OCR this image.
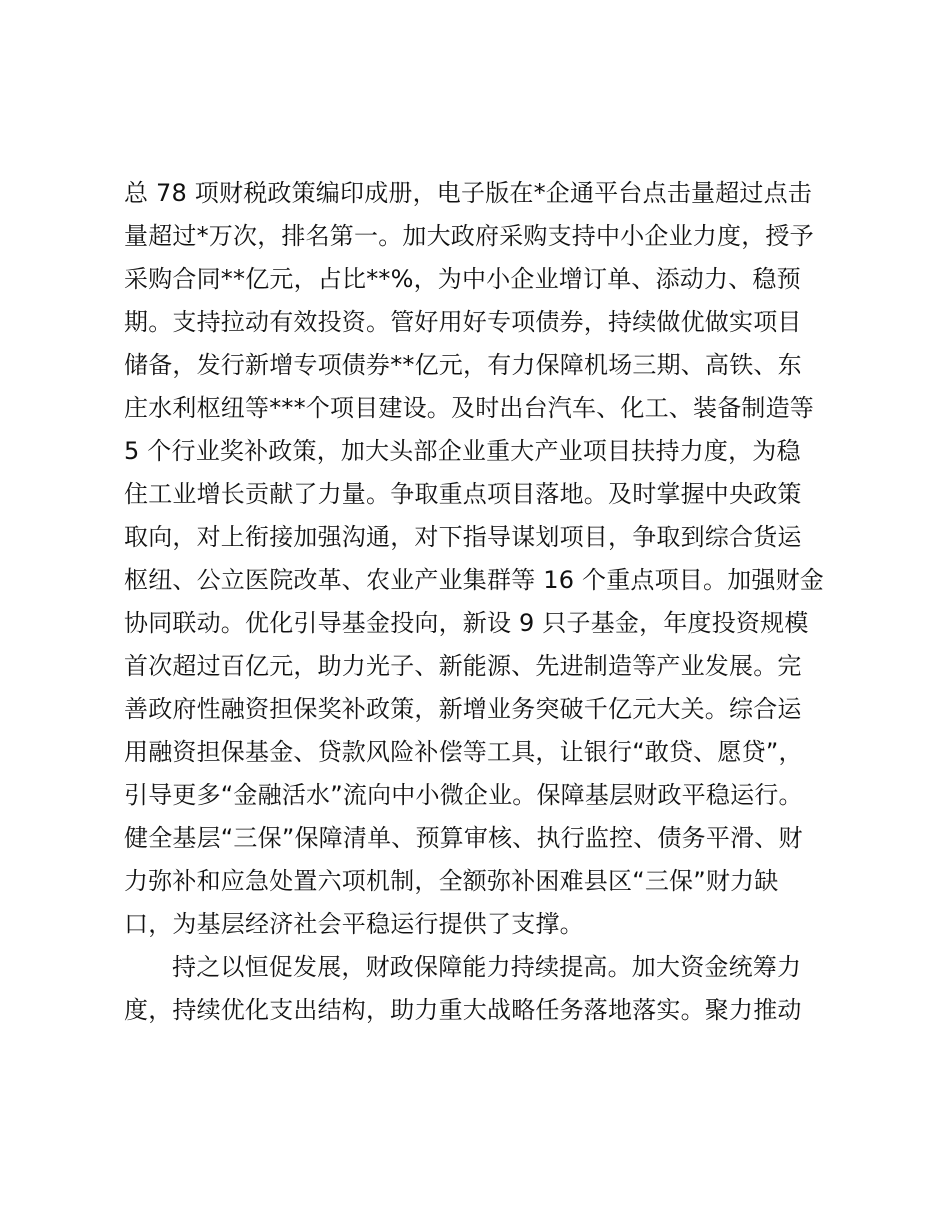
总 78 项财税政策编印成册，电子版在*企通平台点击量超过点击
量超过*万次，排名第一。加大政府采购支持中小企业力度，授予
采购合同**亿元，占比**%，为中小企业增订单、添动力、稳预
期。支持拉动有效投资。管好用好专项债券，持续做优做实项目
储备，发行新增专项债券**亿元，有力保障机场三期、高铁、东
庄水利枢纽等***个项目建设。及时出台汽车、化工、装备制造等
5 个行业奖补政策，加大头部企业重大产业项目扶持力度，为稳
住工业增长贡献了力量。争取重点项目落地。及时掌握中央政策
取向，对上衔接加强沟通，对下指导谋划项目，争取到综合货运
枢纽、公立医院改革、农业产业集群等 16 个重点项目。加强财金
协同联动。优化引导基金投向，新设 9 只子基金，年度投资规模
首次超过百亿元，助力光子、新能源、先进制造等产业发展。完
善政府性融资担保奖补政策，新增业务突破千亿元大关。综合运
用融资担保基金、贷款风险补偿等工具，让银行“敢贷、愿贷”，
引导更多“金融活水”流向中小微企业。保障基层财政平稳运行。
健全基层“三保”保障清单、预算审核、执行监控、债务平滑、财
力弥补和应急处置六项机制，全额弥补困难县区“三保”财力缺
口，为基层经济社会平稳运行提供了支撑。
持之以恒促发展，财政保障能力持续提高。加大资金统筹力
度，持续优化支出结构，助力重大战略任务落地落实。聚力推动
